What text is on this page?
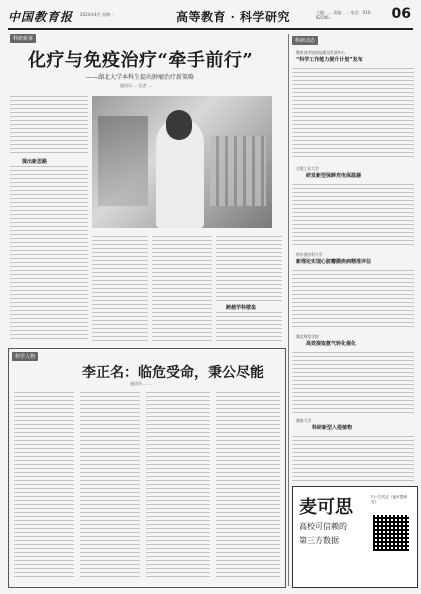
中国教育报 2024年4月 星期一	高等教育 · 科学研究	主编：… 责编：… 电话：010-82296…	06
科研新事
化疗与免疫治疗“牵手前行”
——湖北大学本科生提出肿瘤治疗新策略
通讯员 … 记者 …
提出新思路
跨越学科壁垒
科学人物
李正名：临危受命，秉公尽能
通讯员 … …
科研动态
教育部学校规划建设发展中心
“科学工作能力提升计划”发布
合肥工业大学
研发新型保鲜充电保温器
哈尔滨医科大学
新理论实现心脏瓣膜疾病精准评估
湖北师范学院
高效提取氨气转化催化
湖南大学
科研新型入侵植物
麦可思
高校可信赖的
第三方数据
扫一扫关注《麦可思研究》
